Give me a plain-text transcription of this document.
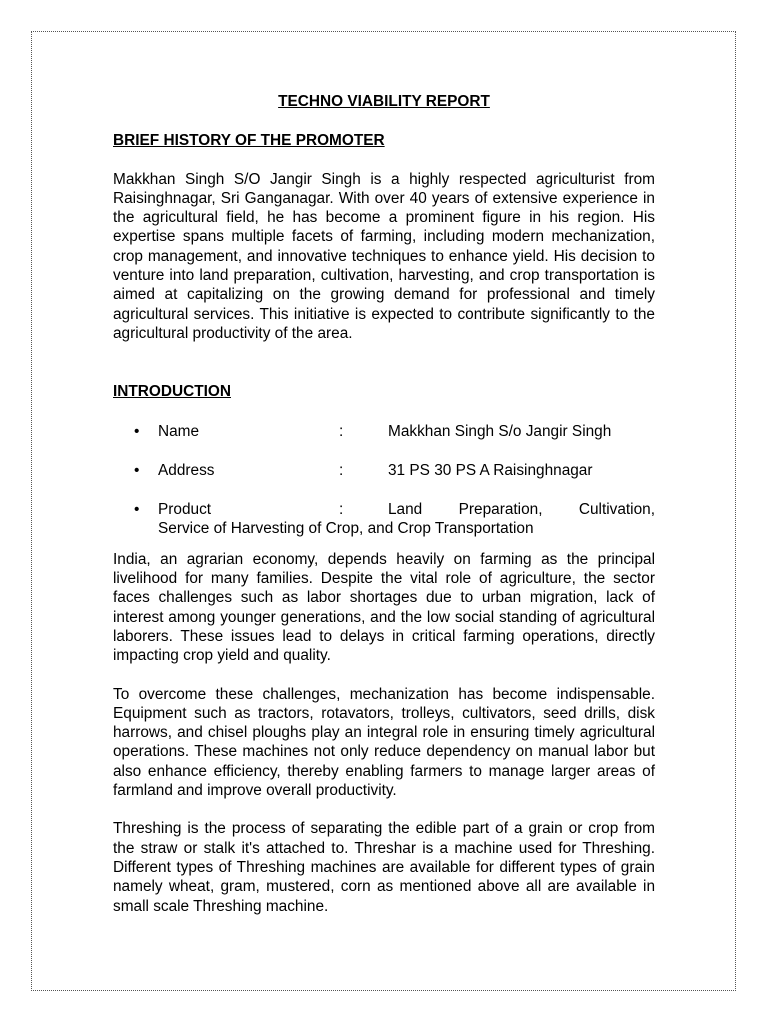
TECHNO VIABILITY REPORT

BRIEF HISTORY OF THE PROMOTER

Makkhan Singh S/O Jangir Singh is a highly respected agriculturist from Raisinghnagar, Sri Ganganagar. With over 40 years of extensive experience in the agricultural field, he has become a prominent figure in his region. His expertise spans multiple facets of farming, including modern mechanization, crop management, and innovative techniques to enhance yield. His decision to venture into land preparation, cultivation, harvesting, and crop transportation is aimed at capitalizing on the growing demand for professional and timely agricultural services. This initiative is expected to contribute significantly to the agricultural productivity of the area.

INTRODUCTION

• Name	:	Makkhan Singh S/o Jangir Singh
• Address	:	31 PS 30 PS A Raisinghnagar
• Product	:	Land Preparation, Cultivation,
Service of Harvesting of Crop, and Crop Transportation

India, an agrarian economy, depends heavily on farming as the principal livelihood for many families. Despite the vital role of agriculture, the sector faces challenges such as labor shortages due to urban migration, lack of interest among younger generations, and the low social standing of agricultural laborers. These issues lead to delays in critical farming operations, directly impacting crop yield and quality.

To overcome these challenges, mechanization has become indispensable. Equipment such as tractors, rotavators, trolleys, cultivators, seed drills, disk harrows, and chisel ploughs play an integral role in ensuring timely agricultural operations. These machines not only reduce dependency on manual labor but also enhance efficiency, thereby enabling farmers to manage larger areas of farmland and improve overall productivity.

Threshing is the process of separating the edible part of a grain or crop from the straw or stalk it's attached to. Threshar is a machine used for Threshing. Different types of Threshing machines are available for different types of grain namely wheat, gram, mustered, corn as mentioned above all are available in small scale Threshing machine.
